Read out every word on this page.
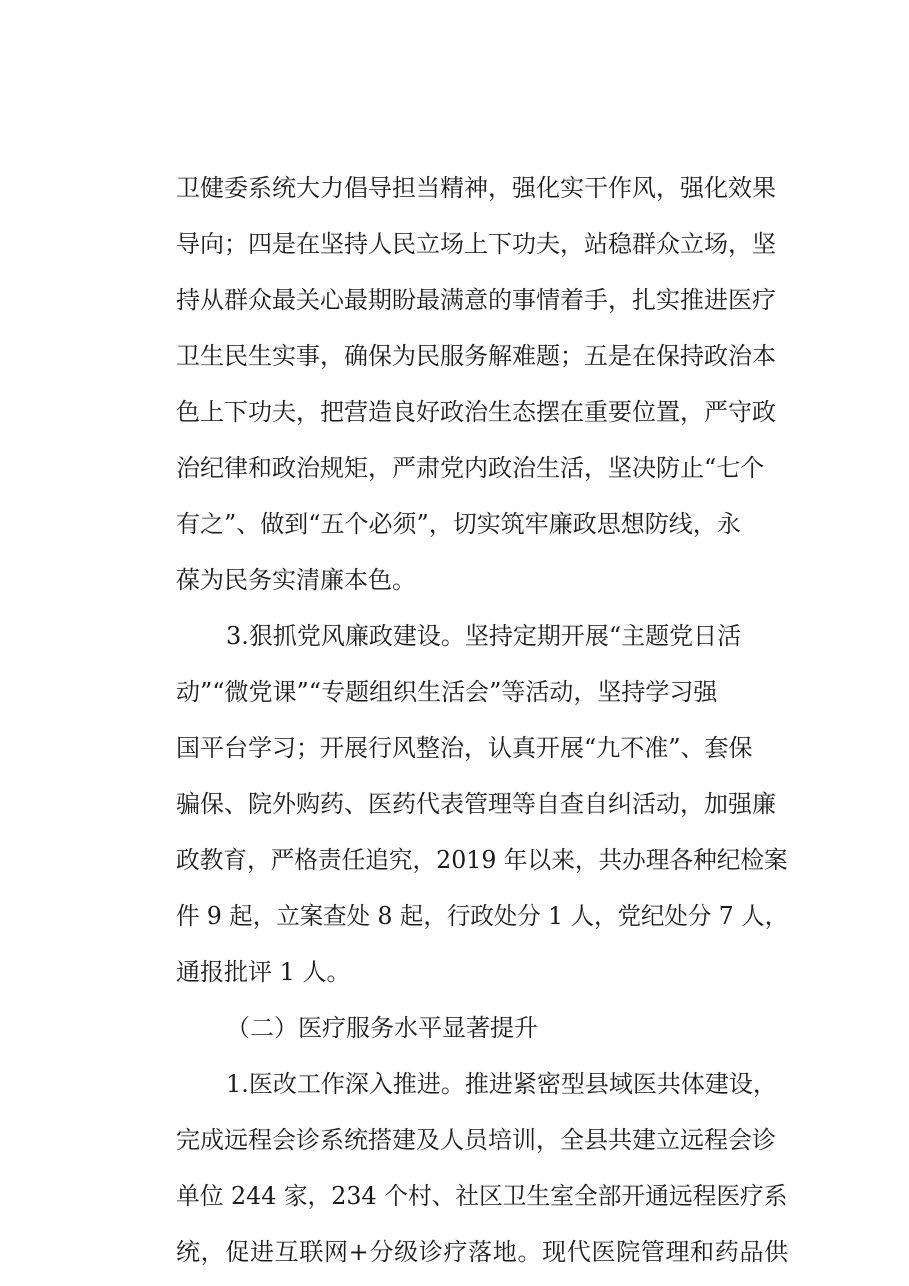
卫健委系统大力倡导担当精神，强化实干作风，强化效果
导向；四是在坚持人民立场上下功夫，站稳群众立场，坚
持从群众最关心最期盼最满意的事情着手，扎实推进医疗
卫生民生实事，确保为民服务解难题；五是在保持政治本
色上下功夫，把营造良好政治生态摆在重要位置，严守政
治纪律和政治规矩，严肃党内政治生活，坚决防止“七个
有之”、做到“五个必须”，切实筑牢廉政思想防线，永
葆为民务实清廉本色。
3.狠抓党风廉政建设。坚持定期开展“主题党日活
动”“微党课”“专题组织生活会”等活动，坚持学习强
国平台学习；开展行风整治，认真开展“九不准”、套保
骗保、院外购药、医药代表管理等自查自纠活动，加强廉
政教育，严格责任追究，2019 年以来，共办理各种纪检案
件 9 起，立案查处 8 起，行政处分 1 人，党纪处分 7 人，
通报批评 1 人。
（二）医疗服务水平显著提升
1.医改工作深入推进。推进紧密型县域医共体建设，
完成远程会诊系统搭建及人员培训，全县共建立远程会诊
单位 244 家，234 个村、社区卫生室全部开通远程医疗系
统，促进互联网+分级诊疗落地。现代医院管理和药品供
